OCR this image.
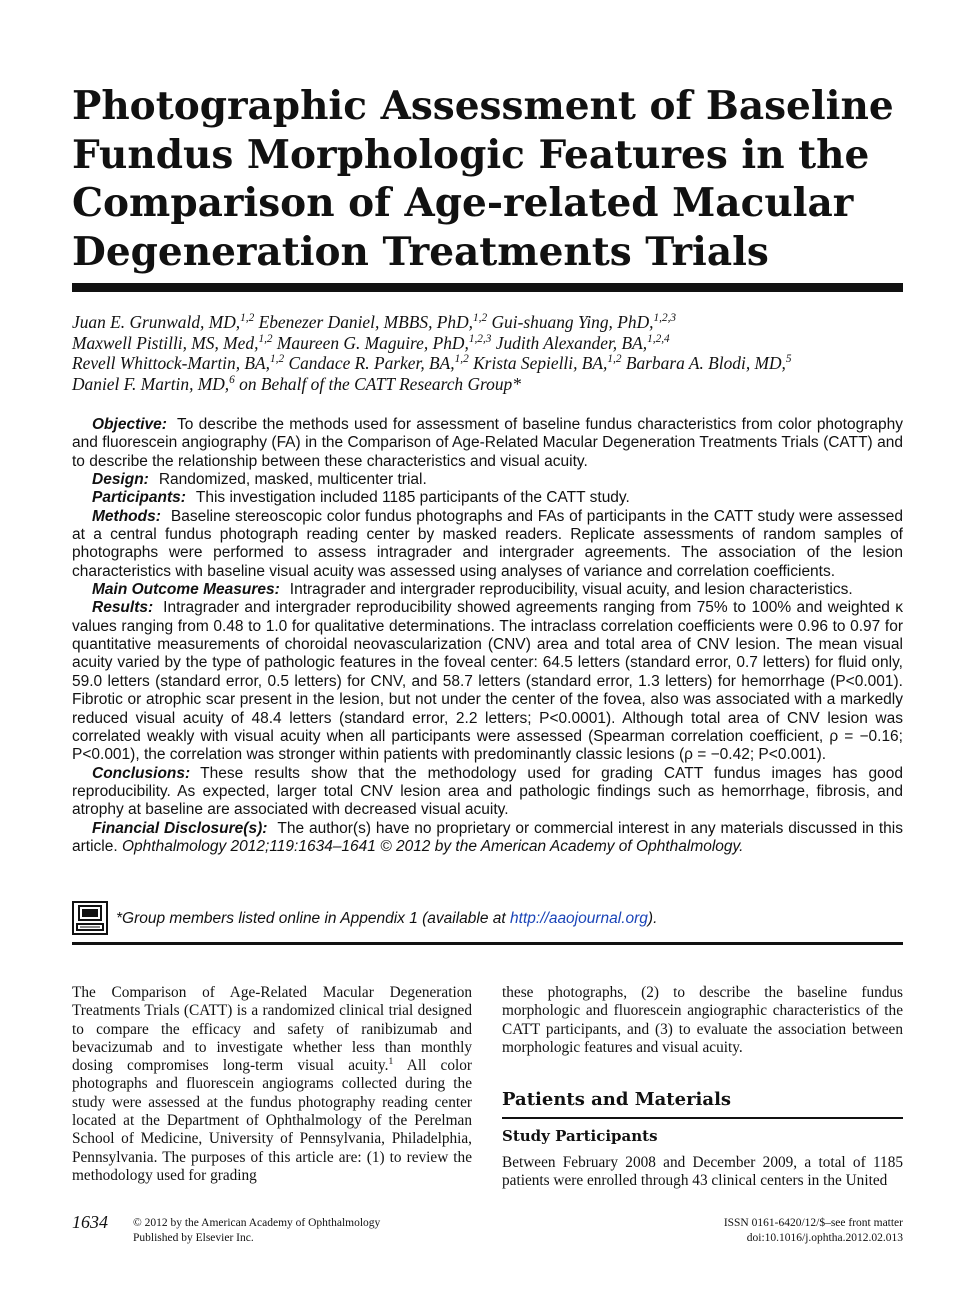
Photographic Assessment of Baseline
Fundus Morphologic Features in the
Comparison of Age-related Macular
Degeneration Treatments Trials
Juan E. Grunwald, MD,$^{1,2}$ Ebenezer Daniel, MBBS, PhD,$^{1,2}$ Gui-shuang Ying, PhD,$^{1,2,3}$
Maxwell Pistilli, MS, Med,$^{1,2}$ Maureen G. Maguire, PhD,$^{1,2,3}$ Judith Alexander, BA,$^{1,2,4}$
Revell Whittock-Martin, BA,$^{1,2}$ Candace R. Parker, BA,$^{1,2}$ Krista Sepielli, BA,$^{1,2}$ Barbara A. Blodi, MD,$^5$
Daniel F. Martin, MD,$^6$ on Behalf of the CATT Research Group*

Objective: To describe the methods used for assessment of baseline fundus characteristics from color photography and fluorescein angiography (FA) in the Comparison of Age-Related Macular Degeneration Treatments Trials (CATT) and to describe the relationship between these characteristics and visual acuity.

Design: Randomized, masked, multicenter trial.

Participants: This investigation included 1185 participants of the CATT study.

Methods: Baseline stereoscopic color fundus photographs and FAs of participants in the CATT study were assessed at a central fundus photograph reading center by masked readers. Replicate assessments of random samples of photographs were performed to assess intragrader and intergrader agreements. The association of the lesion characteristics with baseline visual acuity was assessed using analyses of variance and correlation coefficients.

Main Outcome Measures: Intragrader and intergrader reproducibility, visual acuity, and lesion characteristics.

Results: Intragrader and intergrader reproducibility showed agreements ranging from 75% to 100% and weighted κ values ranging from 0.48 to 1.0 for qualitative determinations. The intraclass correlation coefficients were 0.96 to 0.97 for quantitative measurements of choroidal neovascularization (CNV) area and total area of CNV lesion. The mean visual acuity varied by the type of pathologic features in the foveal center: 64.5 letters (standard error, 0.7 letters) for fluid only, 59.0 letters (standard error, 0.5 letters) for CNV, and 58.7 letters (standard error, 1.3 letters) for hemorrhage (P<0.001). Fibrotic or atrophic scar present in the lesion, but not under the center of the fovea, also was associated with a markedly reduced visual acuity of 48.4 letters (standard error, 2.2 letters; P<0.0001). Although total area of CNV lesion was correlated weakly with visual acuity when all participants were assessed (Spearman correlation coefficient, ρ = −0.16; P<0.001), the correlation was stronger within patients with predominantly classic lesions (ρ = −0.42; P<0.001).

Conclusions: These results show that the methodology used for grading CATT fundus images has good reproducibility. As expected, larger total CNV lesion area and pathologic findings such as hemorrhage, fibrosis, and atrophy at baseline are associated with decreased visual acuity.

Financial Disclosure(s): The author(s) have no proprietary or commercial interest in any materials discussed in this article. Ophthalmology 2012;119:1634–1641 © 2012 by the American Academy of Ophthalmology.

*Group members listed online in Appendix 1 (available at http://aaojournal.org).

The Comparison of Age-Related Macular Degeneration Treatments Trials (CATT) is a randomized clinical trial designed to compare the efficacy and safety of ranibizumab and bevacizumab and to investigate whether less than monthly dosing compromises long-term visual acuity.$^1$ All color photographs and fluorescein angiograms collected during the study were assessed at the fundus photography reading center located at the Department of Ophthalmology of the Perelman School of Medicine, University of Pennsylvania, Philadelphia, Pennsylvania. The purposes of this article are: (1) to review the methodology used for grading

these photographs, (2) to describe the baseline fundus morphologic and fluorescein angiographic characteristics of the CATT participants, and (3) to evaluate the association between morphologic features and visual acuity.

Patients and Materials
Study Participants

Between February 2008 and December 2009, a total of 1185 patients were enrolled through 43 clinical centers in the United

1634 © 2012 by the American Academy of Ophthalmology
Published by Elsevier Inc.
ISSN 0161-6420/12/$–see front matter
doi:10.1016/j.ophtha.2012.02.013
